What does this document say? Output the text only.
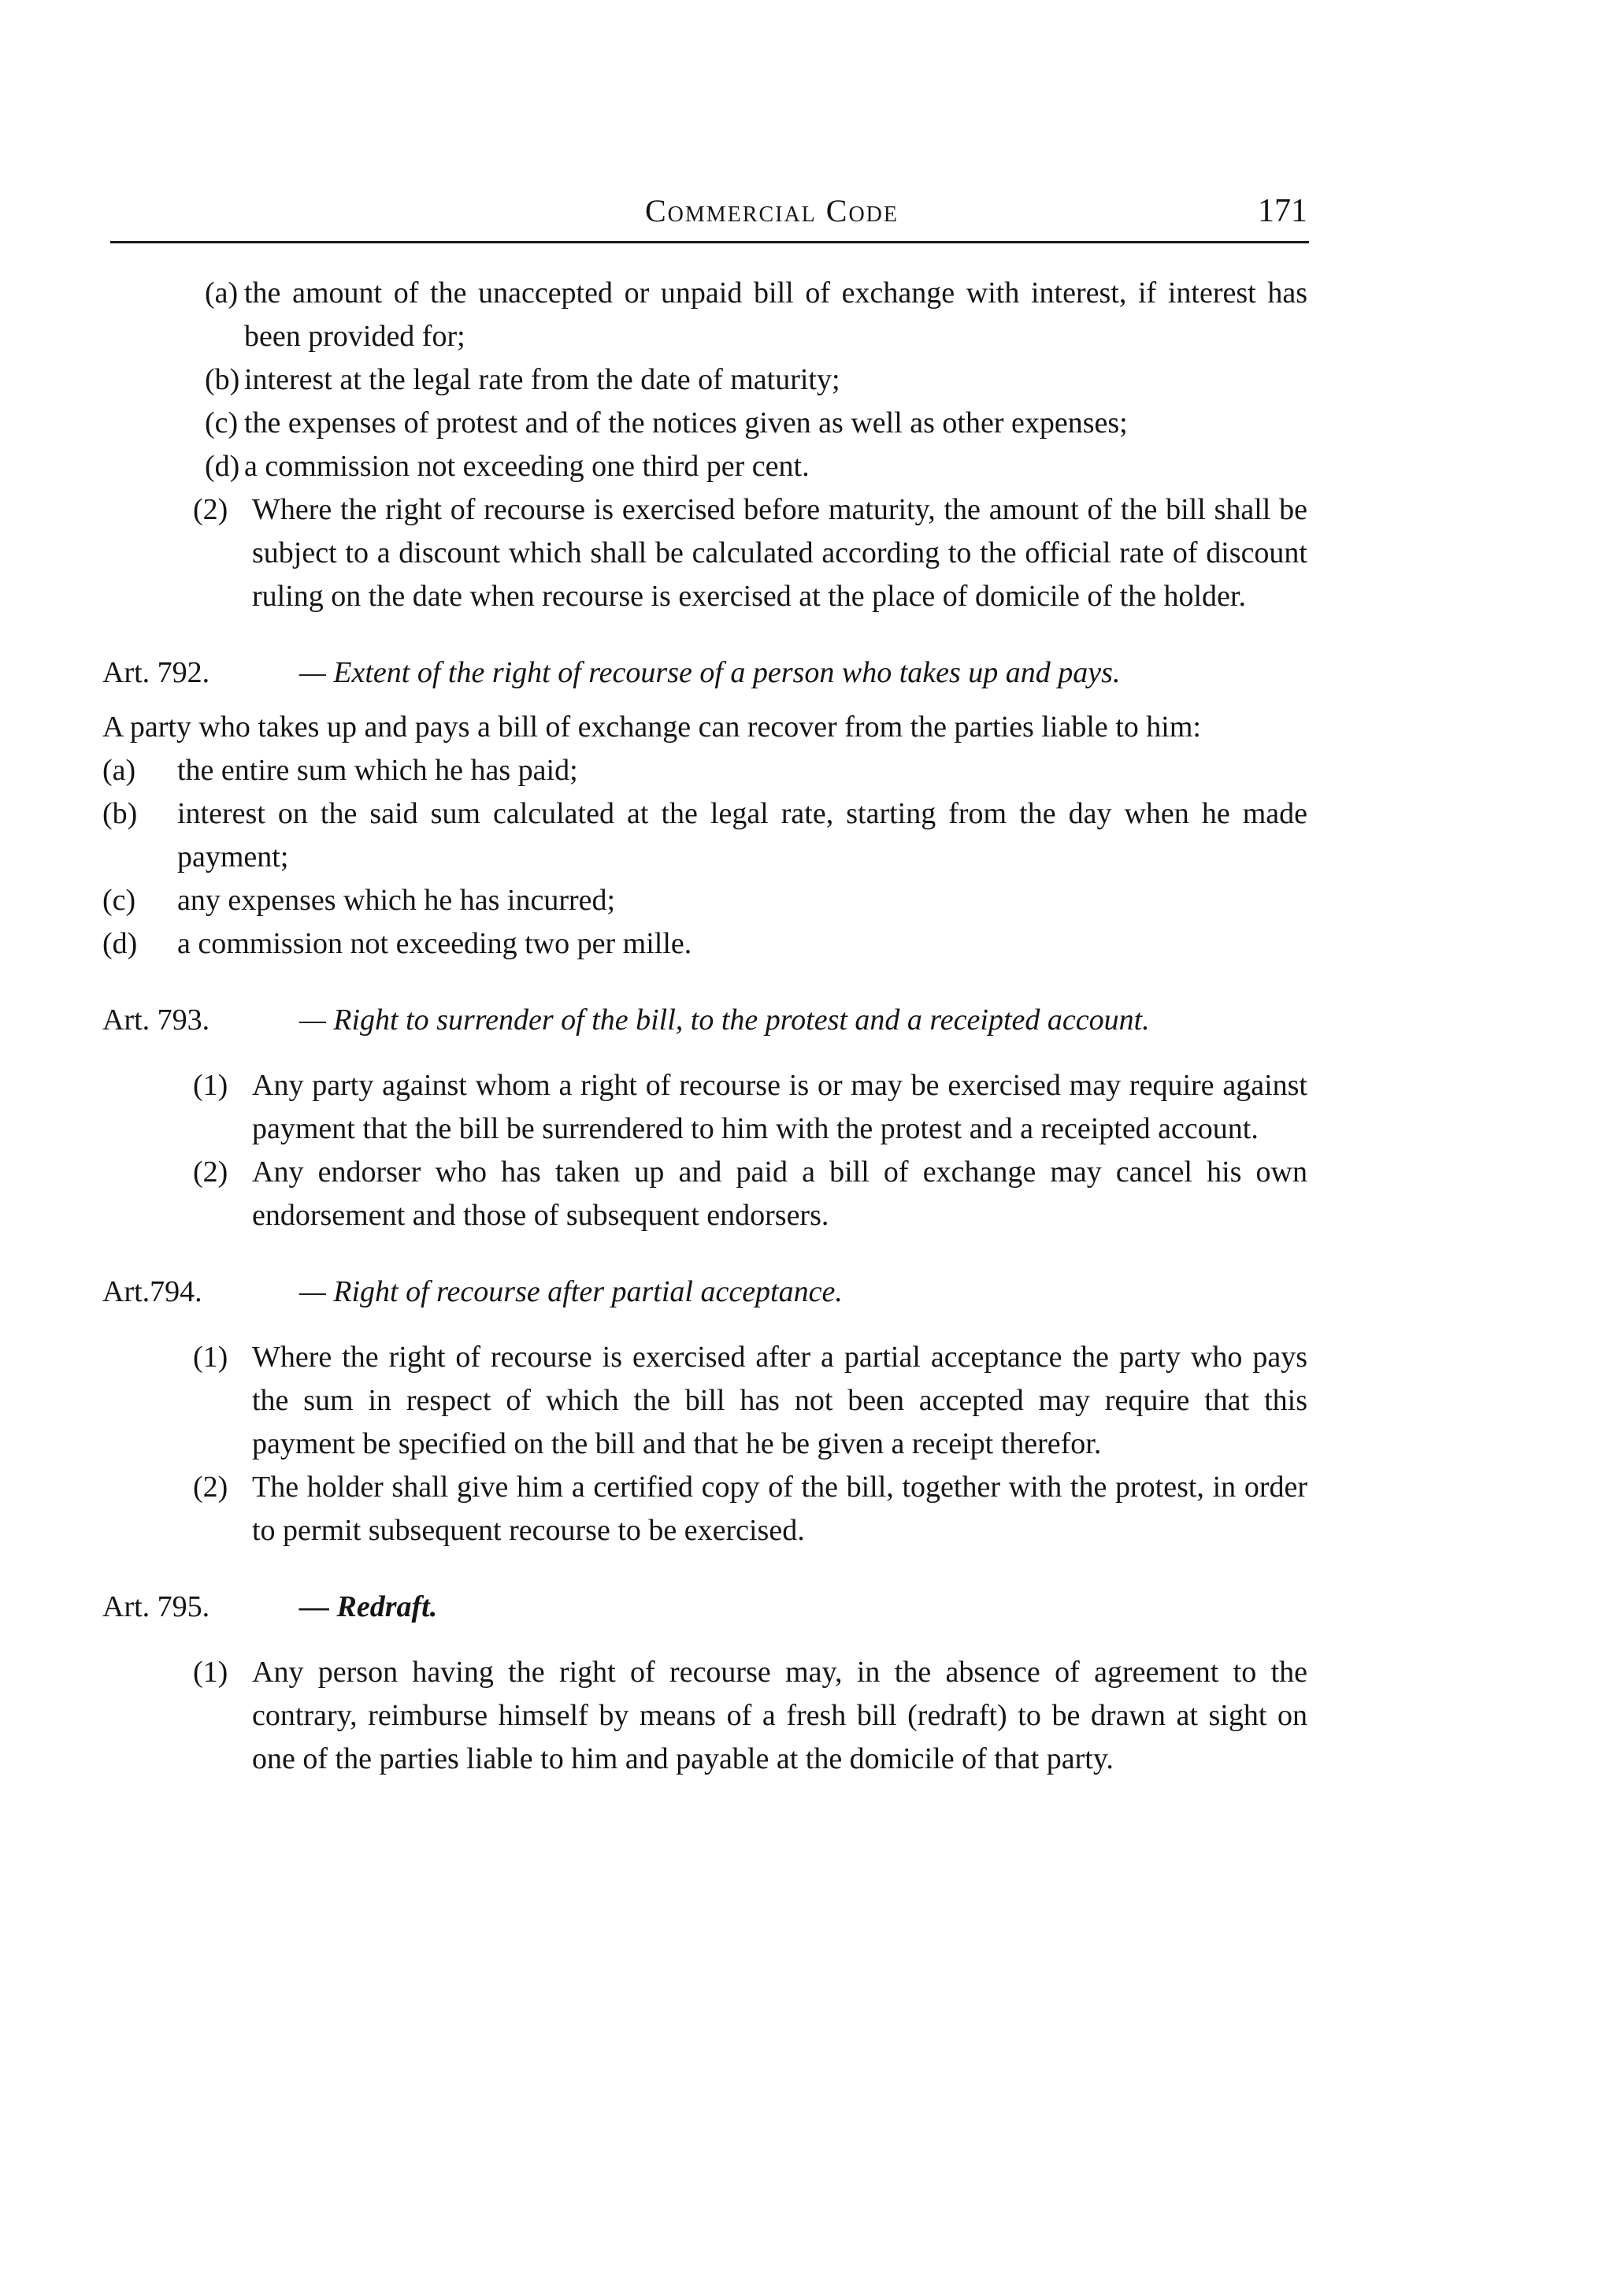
Commercial Code	171
(a) the amount of the unaccepted or unpaid bill of exchange with interest, if interest has been provided for;
(b) interest at the legal rate from the date of maturity;
(c) the expenses of protest and of the notices given as well as other expenses;
(d) a commission not exceeding one third per cent.
(2) Where the right of recourse is exercised before maturity, the amount of the bill shall be subject to a discount which shall be calculated according to the official rate of discount ruling on the date when recourse is exercised at the place of domicile of the holder.
Art. 792.	— Extent of the right of recourse of a person who takes up and pays.
A party who takes up and pays a bill of exchange can recover from the parties liable to him:
(a) the entire sum which he has paid;
(b) interest on the said sum calculated at the legal rate, starting from the day when he made payment;
(c) any expenses which he has incurred;
(d) a commission not exceeding two per mille.
Art. 793.	— Right to surrender of the bill, to the protest and a receipted account.
(1) Any party against whom a right of recourse is or may be exercised may require against payment that the bill be surrendered to him with the protest and a receipted account.
(2) Any endorser who has taken up and paid a bill of exchange may cancel his own endorsement and those of subsequent endorsers.
Art.794.	— Right of recourse after partial acceptance.
(1) Where the right of recourse is exercised after a partial acceptance the party who pays the sum in respect of which the bill has not been accepted may require that this payment be specified on the bill and that he be given a receipt therefor.
(2) The holder shall give him a certified copy of the bill, together with the protest, in order to permit subsequent recourse to be exercised.
Art. 795.	— Redraft.
(1) Any person having the right of recourse may, in the absence of agreement to the contrary, reimburse himself by means of a fresh bill (redraft) to be drawn at sight on one of the parties liable to him and payable at the domicile of that party.
